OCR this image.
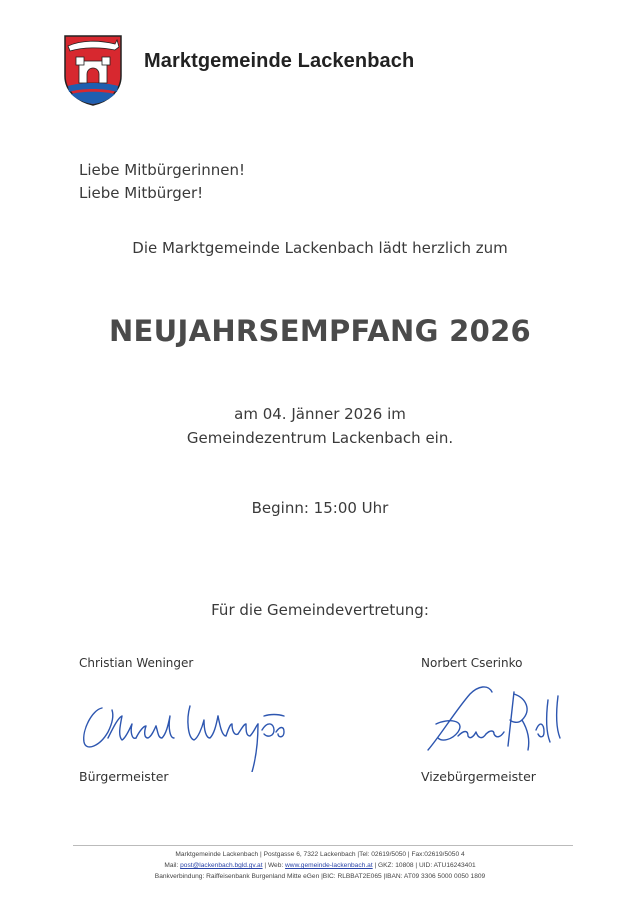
Marktgemeinde Lackenbach
Liebe Mitbürgerinnen!
Liebe Mitbürger!
Die Marktgemeinde Lackenbach lädt herzlich zum
NEUJAHRSEMPFANG 2026
am 04. Jänner 2026 im
Gemeindezentrum Lackenbach ein.
Beginn: 15:00 Uhr
Für die Gemeindevertretung:
Christian Weninger	Norbert Cserinko
Bürgermeister	Vizebürgermeister
Marktgemeinde Lackenbach | Postgasse 6, 7322 Lackenbach |Tel: 02619/5050 | Fax:02619/5050 4
Mail: post@lackenbach.bgld.gv.at | Web: www.gemeinde-lackenbach.at | GKZ: 10808 | UID: ATU16243401
Bankverbindung: Raiffeisenbank Burgenland Mitte eGen |BIC: RLBBAT2E065 |IBAN: AT09 3306 5000 0050 1809
